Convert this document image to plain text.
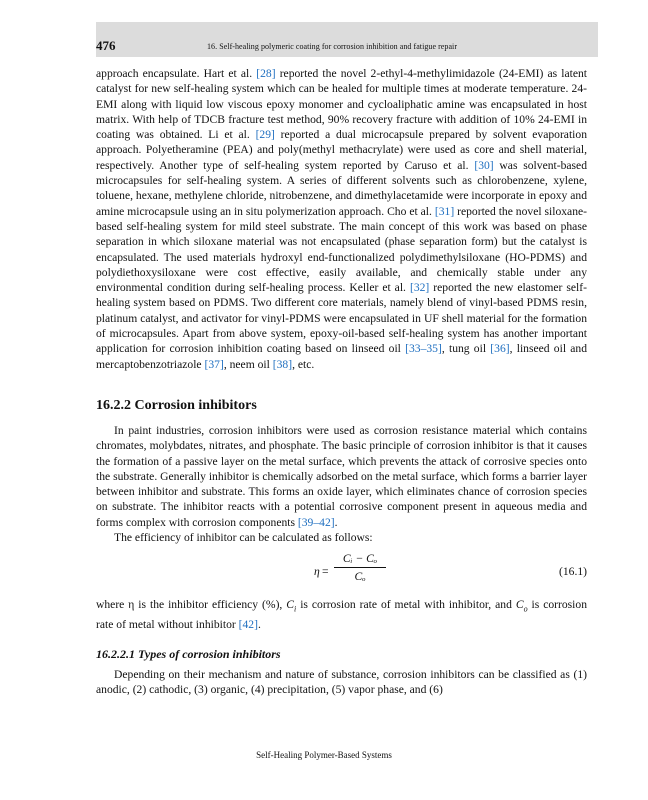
476	16. Self-healing polymeric coating for corrosion inhibition and fatigue repair

approach encapsulate. Hart et al. [28] reported the novel 2-ethyl-4-methylimidazole (24-EMI) as latent catalyst for new self-healing system which can be healed for multiple times at moderate temperature. 24-EMI along with liquid low viscous epoxy monomer and cycloaliphatic amine was encapsulated in host matrix. With help of TDCB fracture test method, 90% recovery fracture with addition of 10% 24-EMI in coating was obtained. Li et al. [29] reported a dual microcapsule prepared by solvent evaporation approach. Polyetheramine (PEA) and poly(methyl methacrylate) were used as core and shell material, respectively. Another type of self-healing system reported by Caruso et al. [30] was solvent-based microcapsules for self-healing system. A series of different solvents such as chlorobenzene, xylene, toluene, hexane, methylene chloride, nitrobenzene, and dimethylacetamide were incorporate in epoxy and amine microcapsule using an in situ polymerization approach. Cho et al. [31] reported the novel siloxane-based self-healing system for mild steel substrate. The main concept of this work was based on phase separation in which siloxane material was not encapsulated (phase separation form) but the catalyst is encapsulated. The used materials hydroxyl end-functionalized polydimethylsiloxane (HO-PDMS) and polydiethoxysiloxane were cost effective, easily available, and chemically stable under any environmental condition during self-healing process. Keller et al. [32] reported the new elastomer self-healing system based on PDMS. Two different core materials, namely blend of vinyl-based PDMS resin, platinum catalyst, and activator for vinyl-PDMS were encapsulated in UF shell material for the formation of microcapsules. Apart from above system, epoxy-oil-based self-healing system has another important application for corrosion inhibition coating based on linseed oil [33–35], tung oil [36], linseed oil and mercaptobenzotriazole [37], neem oil [38], etc.

16.2.2 Corrosion inhibitors

In paint industries, corrosion inhibitors were used as corrosion resistance material which contains chromates, molybdates, nitrates, and phosphate. The basic principle of corrosion inhibitor is that it causes the formation of a passive layer on the metal surface, which prevents the attack of corrosive species onto the substrate. Generally inhibitor is chemically adsorbed on the metal surface, which forms a barrier layer between inhibitor and substrate. This forms an oxide layer, which eliminates chance of corrosion species on substrate. The inhibitor reacts with a potential corrosive component present in aqueous media and forms complex with corrosion components [39–42].

The efficiency of inhibitor can be calculated as follows:

$\eta = \frac{\text{Cᵢ − Cₒ}}{\text{Cₒ}}$	(16.1)

where η is the inhibitor efficiency (%), $C_i$ is corrosion rate of metal with inhibitor, and $C_o$ is corrosion rate of metal without inhibitor [42].

16.2.2.1 Types of corrosion inhibitors

Depending on their mechanism and nature of substance, corrosion inhibitors can be classified as (1) anodic, (2) cathodic, (3) organic, (4) precipitation, (5) vapor phase, and (6)

Self-Healing Polymer-Based Systems
